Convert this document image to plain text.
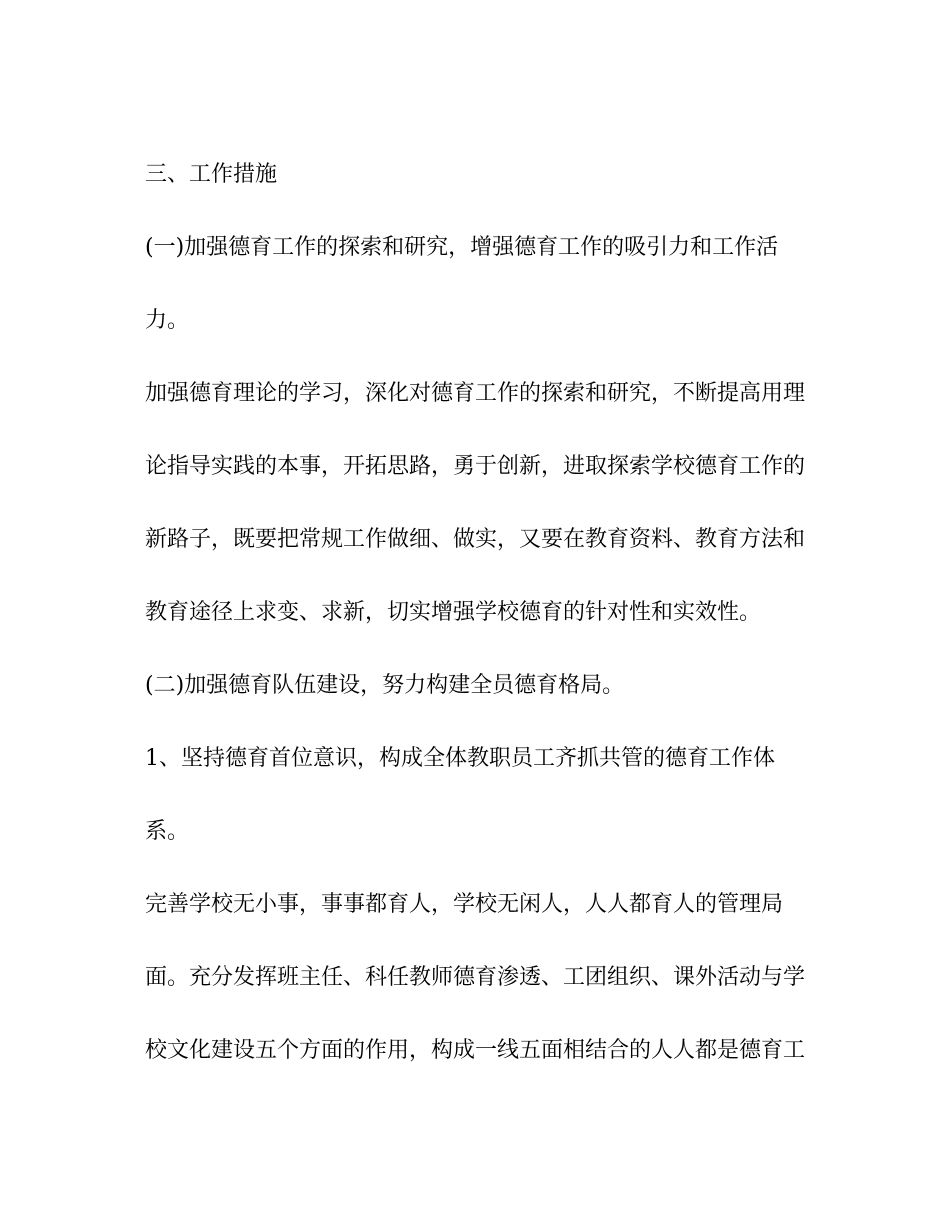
三、工作措施
(一)加强德育工作的探索和研究，增强德育工作的吸引力和工作活
力。
加强德育理论的学习，深化对德育工作的探索和研究，不断提高用理
论指导实践的本事，开拓思路，勇于创新，进取探索学校德育工作的
新路子，既要把常规工作做细、做实，又要在教育资料、教育方法和
教育途径上求变、求新，切实增强学校德育的针对性和实效性。
(二)加强德育队伍建设，努力构建全员德育格局。
1、坚持德育首位意识，构成全体教职员工齐抓共管的德育工作体
系。
完善学校无小事，事事都育人，学校无闲人，人人都育人的管理局
面。充分发挥班主任、科任教师德育渗透、工团组织、课外活动与学
校文化建设五个方面的作用，构成一线五面相结合的人人都是德育工
